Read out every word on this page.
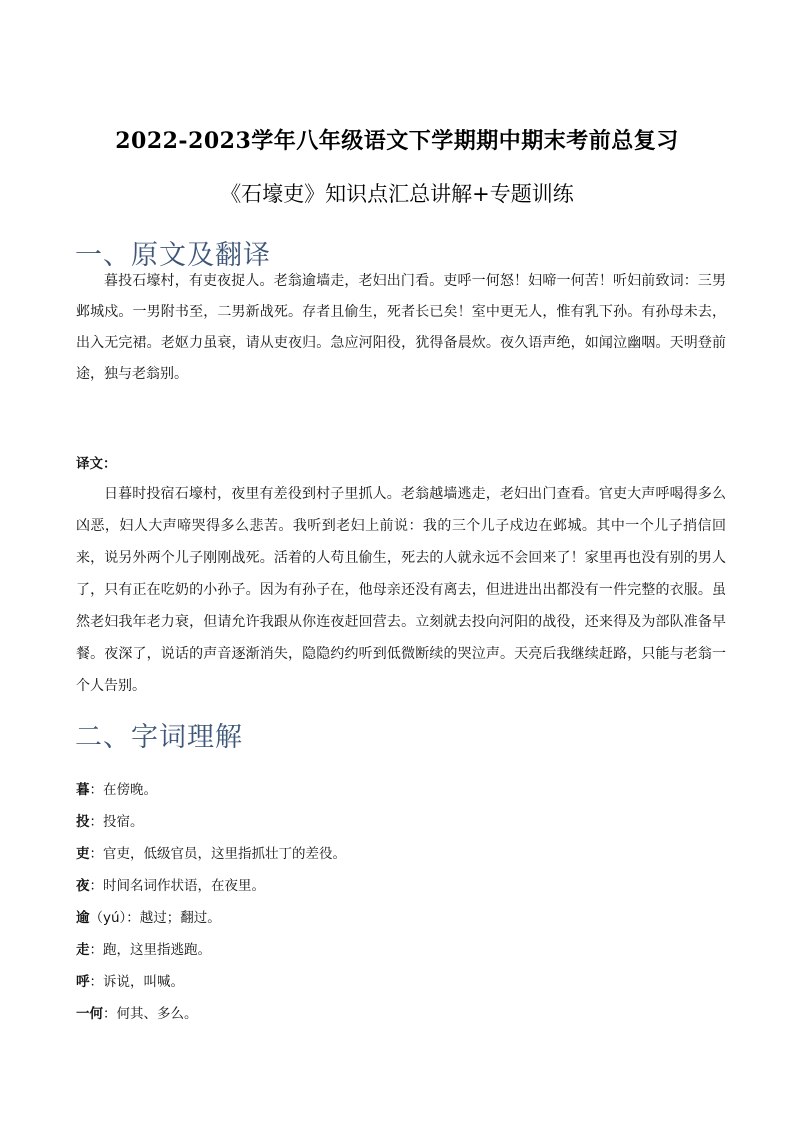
2022-2023学年八年级语文下学期期中期末考前总复习
《石壕吏》知识点汇总讲解+专题训练
一、原文及翻译
暮投石壕村，有吏夜捉人。老翁逾墙走，老妇出门看。吏呼一何怒！妇啼一何苦！听妇前致词：三男邺城戍。一男附书至，二男新战死。存者且偷生，死者长已矣！室中更无人，惟有乳下孙。有孙母未去，出入无完裙。老妪力虽衰，请从吏夜归。急应河阳役，犹得备晨炊。夜久语声绝，如闻泣幽咽。天明登前途，独与老翁别。
译文：
日暮时投宿石壕村，夜里有差役到村子里抓人。老翁越墙逃走，老妇出门查看。官吏大声呼喝得多么凶恶，妇人大声啼哭得多么悲苦。我听到老妇上前说：我的三个儿子戍边在邺城。其中一个儿子捎信回来，说另外两个儿子刚刚战死。活着的人苟且偷生，死去的人就永远不会回来了！家里再也没有别的男人了，只有正在吃奶的小孙子。因为有孙子在，他母亲还没有离去，但进进出出都没有一件完整的衣服。虽然老妇我年老力衰，但请允许我跟从你连夜赶回营去。立刻就去投向河阳的战役，还来得及为部队准备早餐。夜深了，说话的声音逐渐消失，隐隐约约听到低微断续的哭泣声。天亮后我继续赶路，只能与老翁一个人告别。
二、字词理解
暮：在傍晚。
投：投宿。
吏：官吏，低级官员，这里指抓壮丁的差役。
夜：时间名词作状语，在夜里。
逾（yú）：越过；翻过。
走：跑，这里指逃跑。
呼：诉说，叫喊。
一何：何其、多么。
